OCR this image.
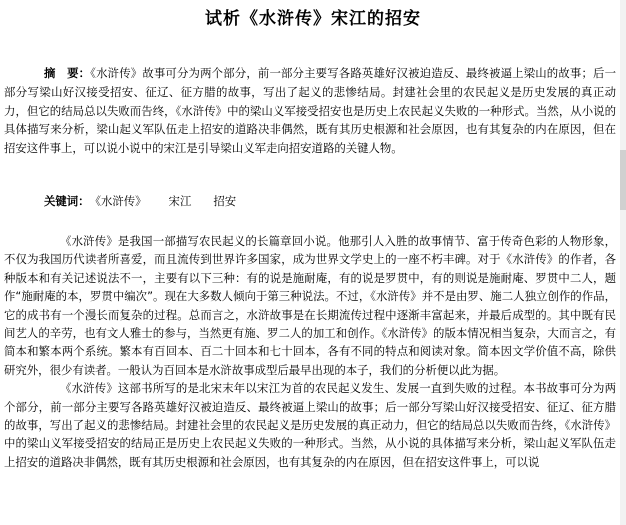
试析《水浒传》宋江的招安

摘　要：《水浒传》故事可分为两个部分，前一部分主要写各路英雄好汉被迫造反、最终被逼上梁山的故事；后一部分写梁山好汉接受招安、征辽、征方腊的故事，写出了起义的悲惨结局。封建社会里的农民起义是历史发展的真正动力，但它的结局总以失败而告终，《水浒传》中的梁山义军接受招安也是历史上农民起义失败的一种形式。当然，从小说的具体描写来分析，梁山起义军队伍走上招安的道路决非偶然，既有其历史根源和社会原因，也有其复杂的内在原因，但在招安这件事上，可以说小说中的宋江是引导梁山义军走向招安道路的关键人物。

关键词：《水浒传》 宋江 招安

《水浒传》是我国一部描写农民起义的长篇章回小说。他那引人入胜的故事情节、富于传奇色彩的人物形象，不仅为我国历代读者所喜爱，而且流传到世界许多国家，成为世界文学史上的一座不朽丰碑。对于《水浒传》的作者，各种版本和有关记述说法不一，主要有以下三种：有的说是施耐庵，有的说是罗贯中，有的则说是施耐庵、罗贯中二人，题作“施耐庵的本，罗贯中编次”。现在大多数人倾向于第三种说法。不过，《水浒传》并不是由罗、施二人独立创作的作品，它的成书有一个漫长而复杂的过程。总而言之，水浒故事是在长期流传过程中逐渐丰富起来，并最后成型的。其中既有民间艺人的辛劳，也有文人雅士的参与，当然更有施、罗二人的加工和创作。《水浒传》的版本情况相当复杂，大而言之，有简本和繁本两个系统。繁本有百回本、百二十回本和七十回本，各有不同的特点和阅读对象。简本因文学价值不高，除供研究外，很少有读者。一般认为百回本是水浒故事成型后最早出现的本子，我们的分析便以此为据。

《水浒传》这部书所写的是北宋末年以宋江为首的农民起义发生、发展一直到失败的过程。本书故事可分为两个部分，前一部分主要写各路英雄好汉被迫造反、最终被逼上梁山的故事；后一部分写梁山好汉接受招安、征辽、征方腊的故事，写出了起义的悲惨结局。封建社会里的农民起义是历史发展的真正动力，但它的结局总以失败而告终，《水浒传》中的梁山义军接受招安的结局正是历史上农民起义失败的一种形式。当然，从小说的具体描写来分析，梁山起义军队伍走上招安的道路决非偶然，既有其历史根源和社会原因，也有其复杂的内在原因，但在招安这件事上，可以说
